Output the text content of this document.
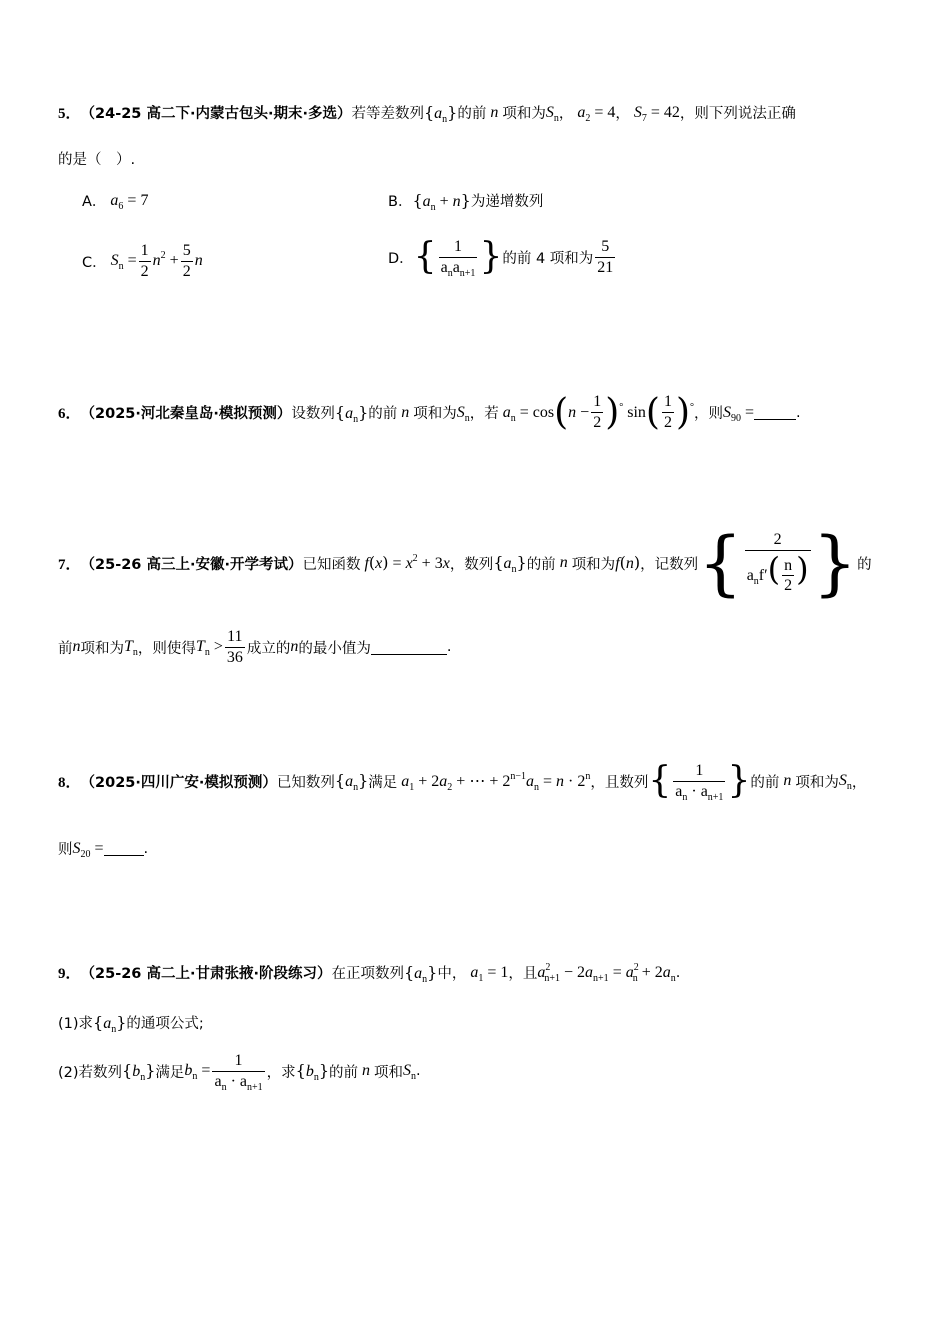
5． （24-25 高二下·内蒙古包头·期末·多选） 若等差数列 $\{a_n\}$ 的前 n 项和为 $S_n$ ， $a_2 = 4$ ， $S_7 = 42$ ，则下列说法正确
的是（　）.
A． $a_6 = 7$	B． $\{a_n + n\}$ 为递增数列
C． $S_n = \frac{1}{2} n^2 + \frac{5}{2}$ n	D． { $\frac{1}{a_na_{n+1}}$ } 的前 4 项和为 $\frac{5}{21}$
6． （2025·河北秦皇岛·模拟预测） 设数列 $\{a_n\}$ 的前 n 项和为 $S_n$ ，若 $a_n = \cos$ ( $n - \frac{1}{2}$ ) ° sin ( $\frac{1}{2}$ ) ° ，则 $S_{90}$ =	.
7． （25-26 高三上·安徽·开学考试） 已知函数 $f(x) = x^2 + 3x$ ，数列 $\{a_n\}$ 的前 n 项和为 f(n) ，记数列 { $\frac{2}{a_nf'( \frac{n}{2} )}$ } 的
前 n 项和为 $T_n$ ，则使得 $T_n > \frac{11}{36}$ 成立的 n 的最小值为	.
8． （2025·四川广安·模拟预测） 已知数列 $\{a_n\}$ 满足 $a_1 + 2a_2$ + ⋯ + $2^{n-1}a_n = n \cdot 2^n$ ，且数列 { $\frac{1}{a_n \cdot a_{n+1}}$ } 的前 n 项和为 $S_n$ ，
则 $S_{20}$ =	.
9． （25-26 高二上·甘肃张掖·阶段练习） 在正项数列 $\{a_n\}$ 中， $a_1 = 1$ ，且 $a^2_{n+1} - 2a_{n+1} = a^2_n + 2a_n$ .
(1)求 $\{a_n\}$ 的通项公式;
(2)若数列 $\{b_n\}$ 满足 $b_n = \frac{1}{a_n \cdot a_{n+1}}$ ，求 $\{b_n\}$ 的前 n 项和 $S_n$ .
